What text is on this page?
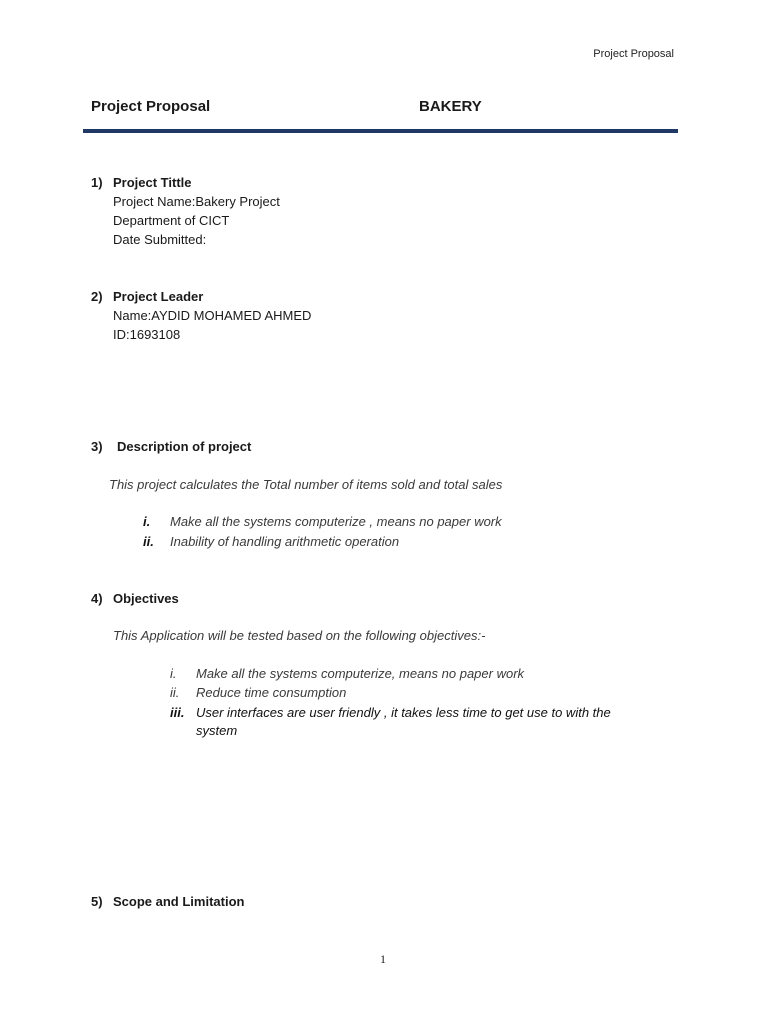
Project Proposal
Project Proposal	BAKERY
1) Project Tittle
Project Name:Bakery Project
Department of CICT
Date Submitted:
2) Project Leader
Name:AYDID MOHAMED AHMED
ID:1693108
3) Description of project
This project calculates the Total number of items sold and total sales
i. Make all the systems computerize , means no paper work
ii. Inability of handling arithmetic operation
4) Objectives
This Application will be tested based on the following objectives:-
i. Make all the systems computerize, means no paper work
ii. Reduce time consumption
iii. User interfaces are user friendly , it takes less time to get use to with the
system
5) Scope and Limitation
1
